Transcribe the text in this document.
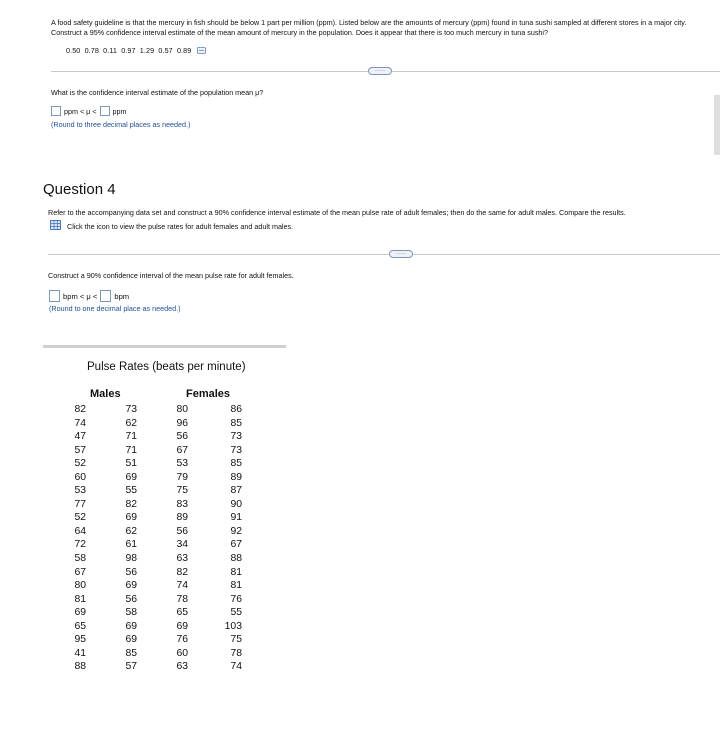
A food safety guideline is that the mercury in fish should be below 1 part per million (ppm). Listed below are the amounts of mercury (ppm) found in tuna sushi sampled at different stores in a major city. Construct a 95% confidence interval estimate of the mean amount of mercury in the population. Does it appear that there is too much mercury in tuna sushi?
0.50  0.78  0.11  0.97  1.29  0.57  0.89
·····
What is the confidence interval estimate of the population mean μ?
ppm < μ < ppm
(Round to three decimal places as needed.)
Question 4
Refer to the accompanying data set and construct a 90% confidence interval estimate of the mean pulse rate of adult females; then do the same for adult males. Compare the results.
Click the icon to view the pulse rates for adult females and adult males.
·····
Construct a 90% confidence interval of the mean pulse rate for adult females.
bpm < μ < bpm
(Round to one decimal place as needed.)
Pulse Rates (beats per minute)
Males	Females
82
74
47
57
52
60
53
77
52
64
72
58
67
80
81
69
65
95
41
88
73
62
71
71
51
69
55
82
69
62
61
98
56
69
56
58
69
69
85
57
80
96
56
67
53
79
75
83
89
56
34
63
82
74
78
65
69
76
60
63
86
85
73
73
85
89
87
90
91
92
67
88
81
81
76
55
103
75
78
74
